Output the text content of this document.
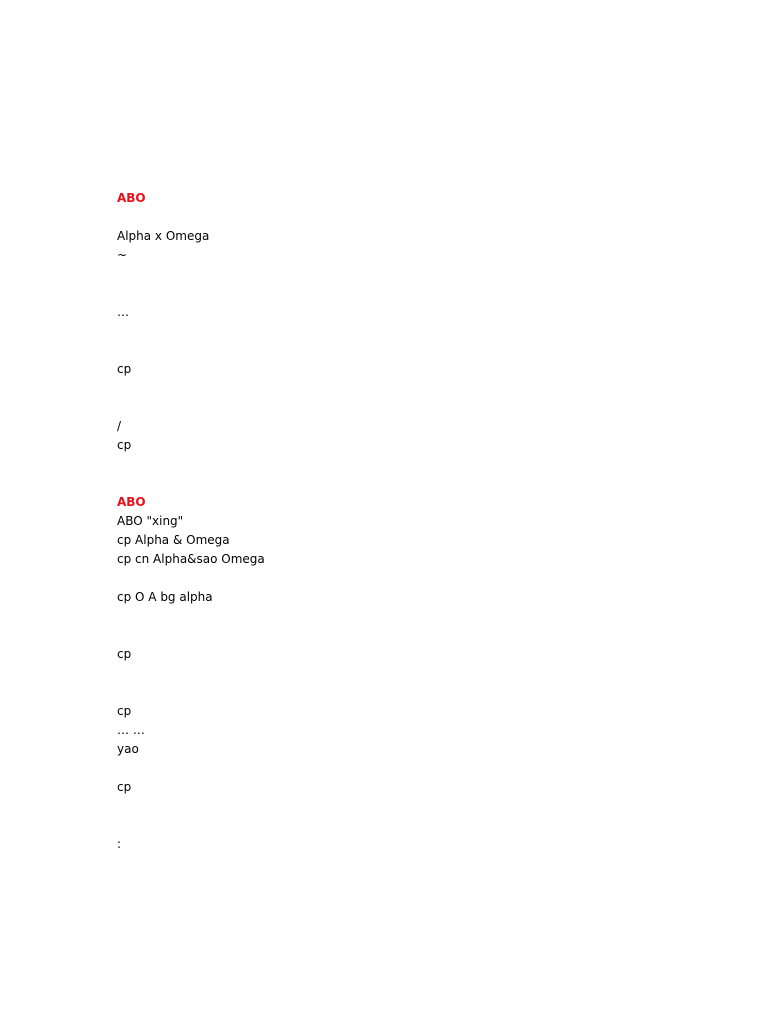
ABO
Alpha x Omega
~
…
cp
/
cp
ABO
ABO "xing"
cp Alpha & Omega
cp cn Alpha&sao Omega
cp O A bg alpha
cp
cp
… …
yao
cp
:
